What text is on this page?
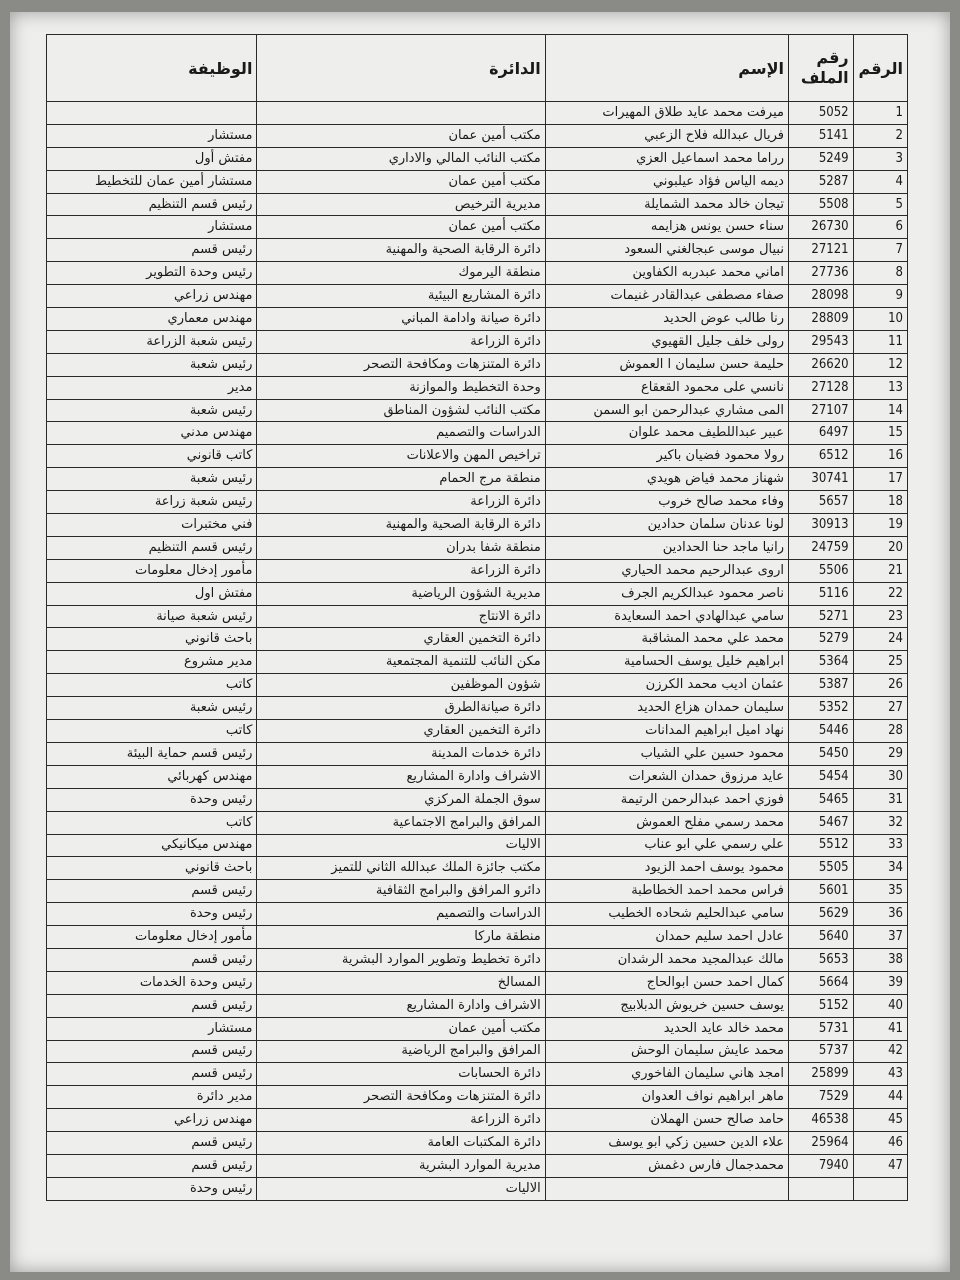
الرقم	رقم الملف	الإسم	الدائرة	الوظيفة
1	5052	ميرفت محمد عايد طلاق المهيرات		
2	5141	فريال عبدالله فلاح الزعبي	مكتب أمين عمان	مستشار
3	5249	رراما محمد اسماعيل العزي	مكتب النائب المالي والاداري	مفتش أول
4	5287	ديمه الياس فؤاد عيلبوني	مكتب أمين عمان	مستشار أمين عمان للتخطيط
5	5508	تيجان خالد محمد الشمايلة	مديرية الترخيص	رئيس قسم التنظيم
6	26730	سناء حسن يونس هزايمه	مكتب أمين عمان	مستشار
7	27121	نبيال موسى عبجالغني السعود	دائرة الرقابة الصحية والمهنية	رئيس قسم
8	27736	اماني محمد عبدربه الكفاوين	منطقة اليرموك	رئيس وحدة التطوير
9	28098	صفاء مصطفى عبدالقادر غنيمات	دائرة المشاريع البيئية	مهندس زراعي
10	28809	رنا طالب عوض الحديد	دائرة صيانة وادامة المباني	مهندس معماري
11	29543	رولى خلف جليل القهيوي	دائرة الزراعة	رئيس شعبة الزراعة
12	26620	حليمة حسن سليمان ا العموش	دائرة المتنزهات ومكافحة التصحر	رئيس شعبة
13	27128	نانسي على محمود القعقاع	وحدة التخطيط والموازنة	مدير
14	27107	المى مشاري عبدالرحمن ابو السمن	مكتب النائب لشؤون المناطق	رئيس شعبة
15	6497	عبير عبداللطيف محمد علوان	الدراسات والتصميم	مهندس مدني
16	6512	رولا محمود فضيان باكير	تراخيص المهن والاعلانات	كاتب قانوني
17	30741	شهناز محمد فياض هويدي	منطقة مرج الحمام	رئيس شعبة
18	5657	وفاء محمد صالح خروب	دائرة الزراعة	رئيس شعبة زراعة
19	30913	لونا عدنان سلمان حدادين	دائرة الرقابة الصحية والمهنية	فني مختبرات
20	24759	رانيا ماجد حنا الحدادين	منطقة شفا بدران	رئيس قسم التنظيم
21	5506	اروى عبدالرحيم محمد الحياري	دائرة الزراعة	مأمور إدخال معلومات
22	5116	ناصر محمود عبدالكريم الجرف	مديرية الشؤون الرياضية	مفتش اول
23	5271	سامي عبدالهادي احمد السعايدة	دائرة الانتاج	رئيس شعبة صيانة
24	5279	محمد علي محمد المشاقبة	دائرة التخمين العقاري	باحث قانوني
25	5364	ابراهيم خليل يوسف الحسامية	مكن النائب للتنمية المجتمعية	مدير مشروع
26	5387	عثمان اديب محمد الكرزن	شؤون الموظفين	كاتب
27	5352	سليمان حمدان هزاع الحديد	دائرة صيانةالطرق	رئيس شعبة
28	5446	نهاد اميل ابراهيم المدانات	دائرة التخمين العقاري	كاتب
29	5450	محمود حسين علي الشياب	دائرة خدمات المدينة	رئيس قسم حماية البيئة
30	5454	عايد مرزوق حمدان الشعرات	الاشراف وادارة المشاريع	مهندس كهربائي
31	5465	فوزي احمد عبدالرحمن الرتيمة	سوق الجملة المركزي	رئيس وحدة
32	5467	محمد رسمي مفلح العموش	المرافق والبرامج الاجتماعية	كاتب
33	5512	علي رسمي علي ابو عناب	الاليات	مهندس ميكانيكي
34	5505	محمود يوسف احمد الزيود	مكتب جائزة الملك عبدالله الثاني للتميز	باحث قانوني
35	5601	فراس محمد احمد الخطاطبة	دائرو المرافق والبرامج الثقافية	رئيس قسم
36	5629	سامي عبدالحليم شحاده الخطيب	الدراسات والتصميم	رئيس وحدة
37	5640	عادل احمد سليم حمدان	منطقة ماركا	مأمور إدخال معلومات
38	5653	مالك عبدالمجيد محمد الرشدان	دائرة تخطيط وتطوير الموارد البشرية	رئيس قسم
39	5664	كمال احمد حسن ابوالحاج	المسالخ	رئيس وحدة الخدمات
40	5152	يوسف حسين خريوش الدبلابيج	الاشراف وادارة المشاريع	رئيس قسم
41	5731	محمد خالد عايد الحديد	مكتب أمين عمان	مستشار
42	5737	محمد عايش سليمان الوحش	المرافق والبرامج الرياضية	رئيس قسم
43	25899	امجد هاني سليمان الفاخوري	دائرة الحسابات	رئيس قسم
44	7529	ماهر ابراهيم نواف العدوان	دائرة المتنزهات ومكافحة التصحر	مدير دائرة
45	46538	حامد صالح حسن الهملان	دائرة الزراعة	مهندس زراعي
46	25964	علاء الدين حسين زكي ابو يوسف	دائرة المكتبات العامة	رئيس قسم
47	7940	محمدجمال فارس دغمش	مديرية الموارد البشرية	رئيس قسم
			الاليات	رئيس وحدة
